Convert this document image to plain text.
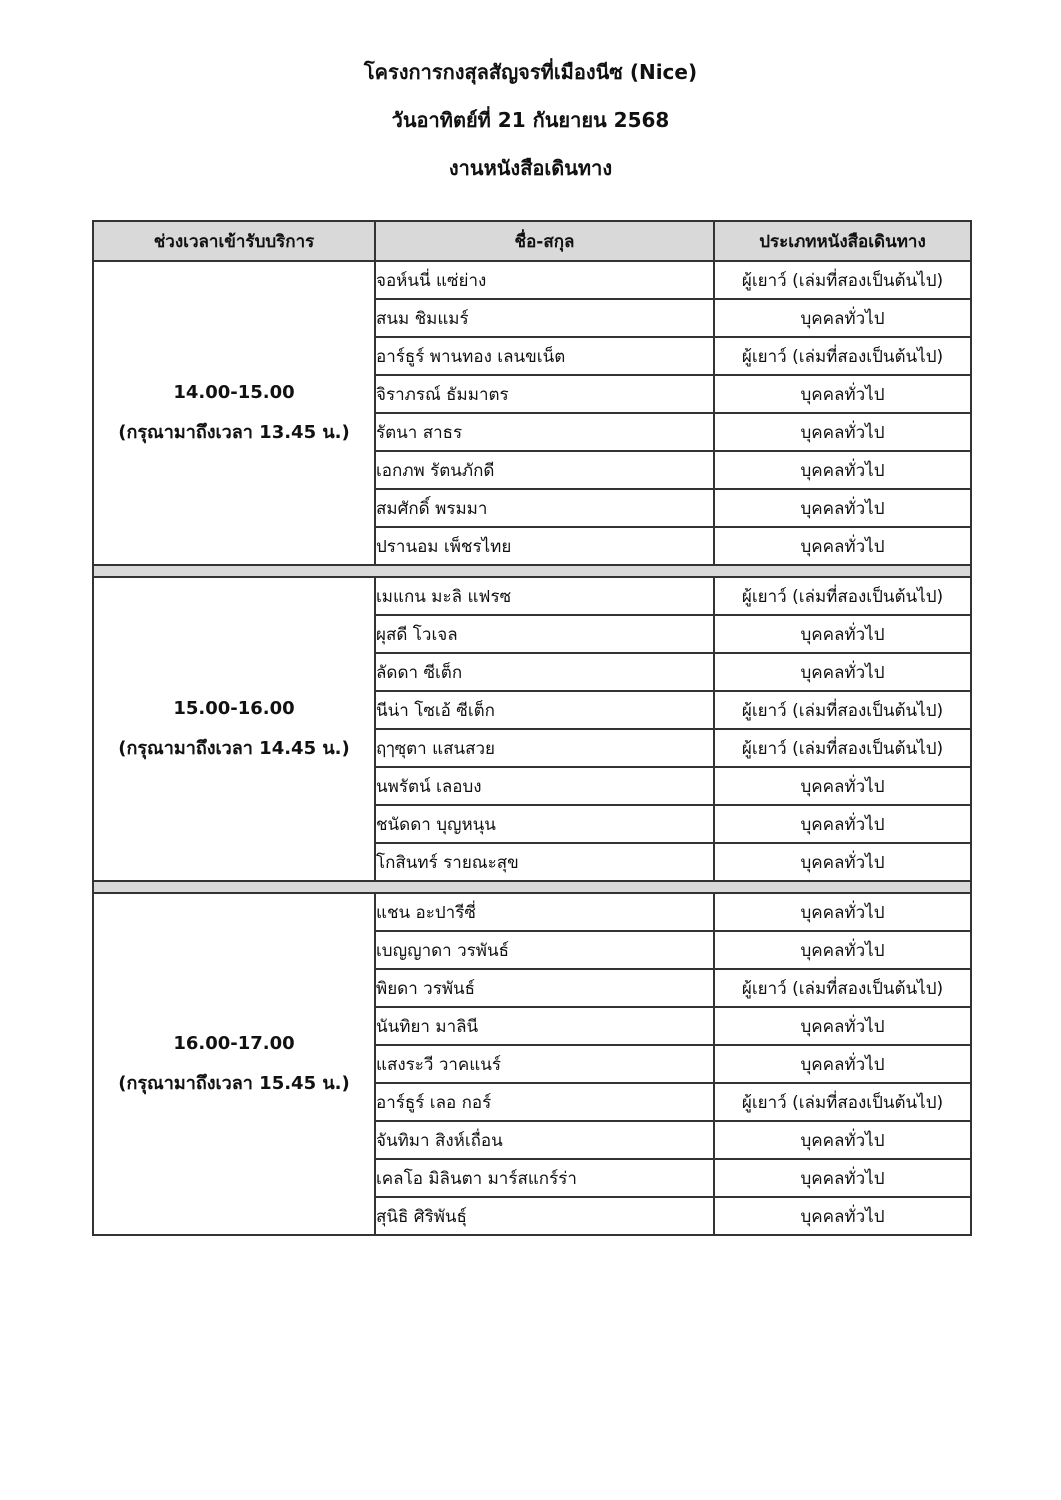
โครงการกงสุลสัญจรที่เมืองนีซ (Nice)
วันอาทิตย์ที่ 21 กันยายน 2568
งานหนังสือเดินทาง
ช่วงเวลาเข้ารับบริการ	ชื่อ-สกุล	ประเภทหนังสือเดินทาง

14.00-15.00
(กรุณามาถึงเวลา 13.45 น.)	จอห์นนี่ แซ่ย่าง	ผู้เยาว์ (เล่มที่สองเป็นต้นไป)
	สนม ชิมแมร์	บุคคลทั่วไป
	อาร์ธูร์ พานทอง เลนขเน็ต	ผู้เยาว์ (เล่มที่สองเป็นต้นไป)
	จิราภรณ์ ธัมมาตร	บุคคลทั่วไป
	รัตนา สาธร	บุคคลทั่วไป
	เอกภพ รัตนภักดี	บุคคลทั่วไป
	สมศักดิ์ พรมมา	บุคคลทั่วไป
	ปรานอม เพ็ชรไทย	บุคคลทั่วไป

15.00-16.00
(กรุณามาถึงเวลา 14.45 น.)	เมแกน มะลิ แฟรซ	ผู้เยาว์ (เล่มที่สองเป็นต้นไป)
	ผุสดี โวเจล	บุคคลทั่วไป
	ลัดดา ซีเต็ก	บุคคลทั่วไป
	นีน่า โซเอ้ ซีเต็ก	ผู้เยาว์ (เล่มที่สองเป็นต้นไป)
	ฤๅซุตา แสนสวย	ผู้เยาว์ (เล่มที่สองเป็นต้นไป)
	นพรัตน์ เลอบง	บุคคลทั่วไป
	ชนัดดา บุญหนุน	บุคคลทั่วไป
	โกสินทร์ รายณะสุข	บุคคลทั่วไป

16.00-17.00
(กรุณามาถึงเวลา 15.45 น.)	แชน อะปารีซี่	บุคคลทั่วไป
	เบญญาดา วรพันธ์	บุคคลทั่วไป
	พิยดา วรพันธ์	ผู้เยาว์ (เล่มที่สองเป็นต้นไป)
	นันทิยา มาลินี	บุคคลทั่วไป
	แสงระวี วาคแนร์	บุคคลทั่วไป
	อาร์ธูร์ เลอ กอร์	ผู้เยาว์ (เล่มที่สองเป็นต้นไป)
	จันทิมา สิงห์เถื่อน	บุคคลทั่วไป
	เคลโอ มิลินตา มาร์สแกร์ร่า	บุคคลทั่วไป
	สุนิธิ ศิริพันธุ์	บุคคลทั่วไป
